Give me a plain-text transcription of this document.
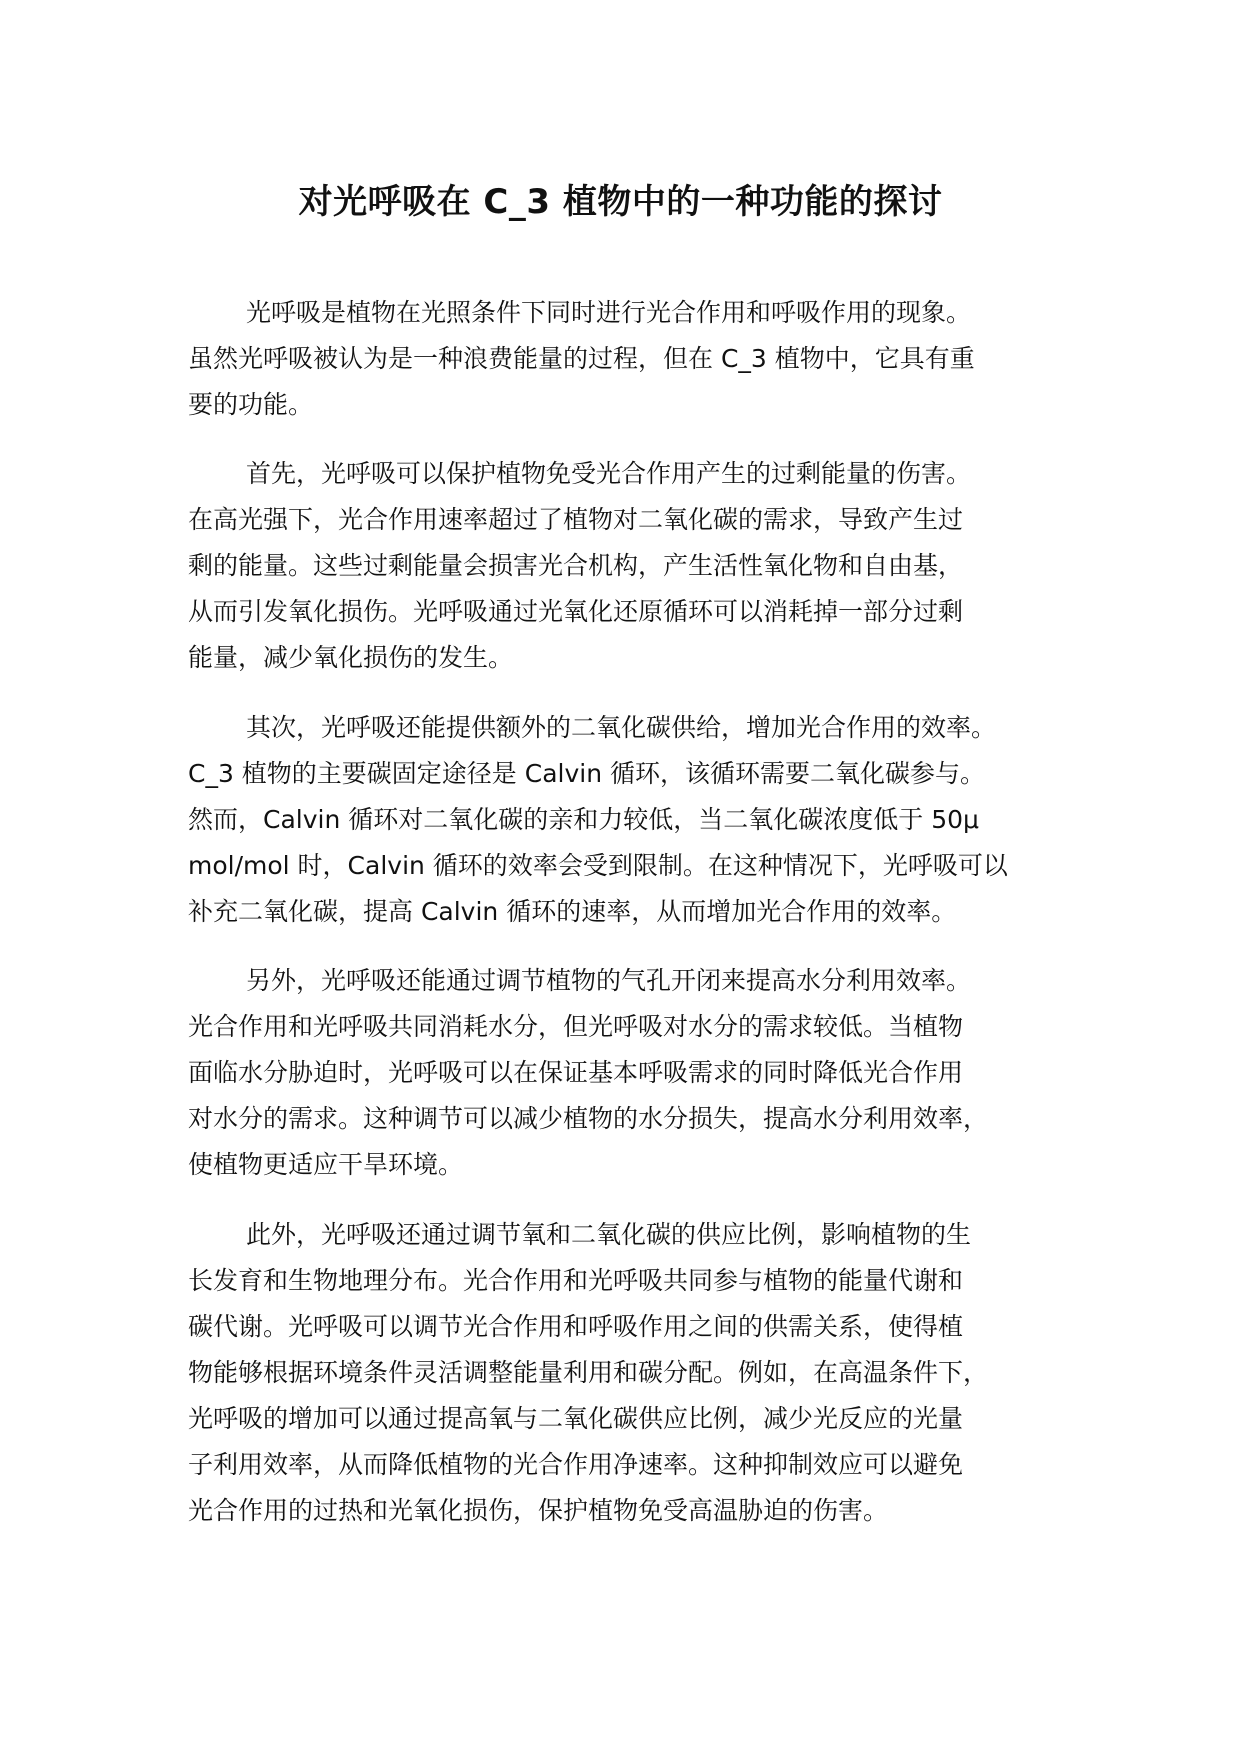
对光呼吸在 C_3 植物中的一种功能的探讨

光呼吸是植物在光照条件下同时进行光合作用和呼吸作用的现象。
虽然光呼吸被认为是一种浪费能量的过程，但在 C_3 植物中，它具有重
要的功能。

首先，光呼吸可以保护植物免受光合作用产生的过剩能量的伤害。
在高光强下，光合作用速率超过了植物对二氧化碳的需求，导致产生过
剩的能量。这些过剩能量会损害光合机构，产生活性氧化物和自由基，
从而引发氧化损伤。光呼吸通过光氧化还原循环可以消耗掉一部分过剩
能量，减少氧化损伤的发生。

其次，光呼吸还能提供额外的二氧化碳供给，增加光合作用的效率。
C_3 植物的主要碳固定途径是 Calvin 循环，该循环需要二氧化碳参与。
然而，Calvin 循环对二氧化碳的亲和力较低，当二氧化碳浓度低于 50μ
mol/mol 时，Calvin 循环的效率会受到限制。在这种情况下，光呼吸可以
补充二氧化碳，提高 Calvin 循环的速率，从而增加光合作用的效率。

另外，光呼吸还能通过调节植物的气孔开闭来提高水分利用效率。
光合作用和光呼吸共同消耗水分，但光呼吸对水分的需求较低。当植物
面临水分胁迫时，光呼吸可以在保证基本呼吸需求的同时降低光合作用
对水分的需求。这种调节可以减少植物的水分损失，提高水分利用效率，
使植物更适应干旱环境。

此外，光呼吸还通过调节氧和二氧化碳的供应比例，影响植物的生
长发育和生物地理分布。光合作用和光呼吸共同参与植物的能量代谢和
碳代谢。光呼吸可以调节光合作用和呼吸作用之间的供需关系，使得植
物能够根据环境条件灵活调整能量利用和碳分配。例如，在高温条件下，
光呼吸的增加可以通过提高氧与二氧化碳供应比例，减少光反应的光量
子利用效率，从而降低植物的光合作用净速率。这种抑制效应可以避免
光合作用的过热和光氧化损伤，保护植物免受高温胁迫的伤害。
